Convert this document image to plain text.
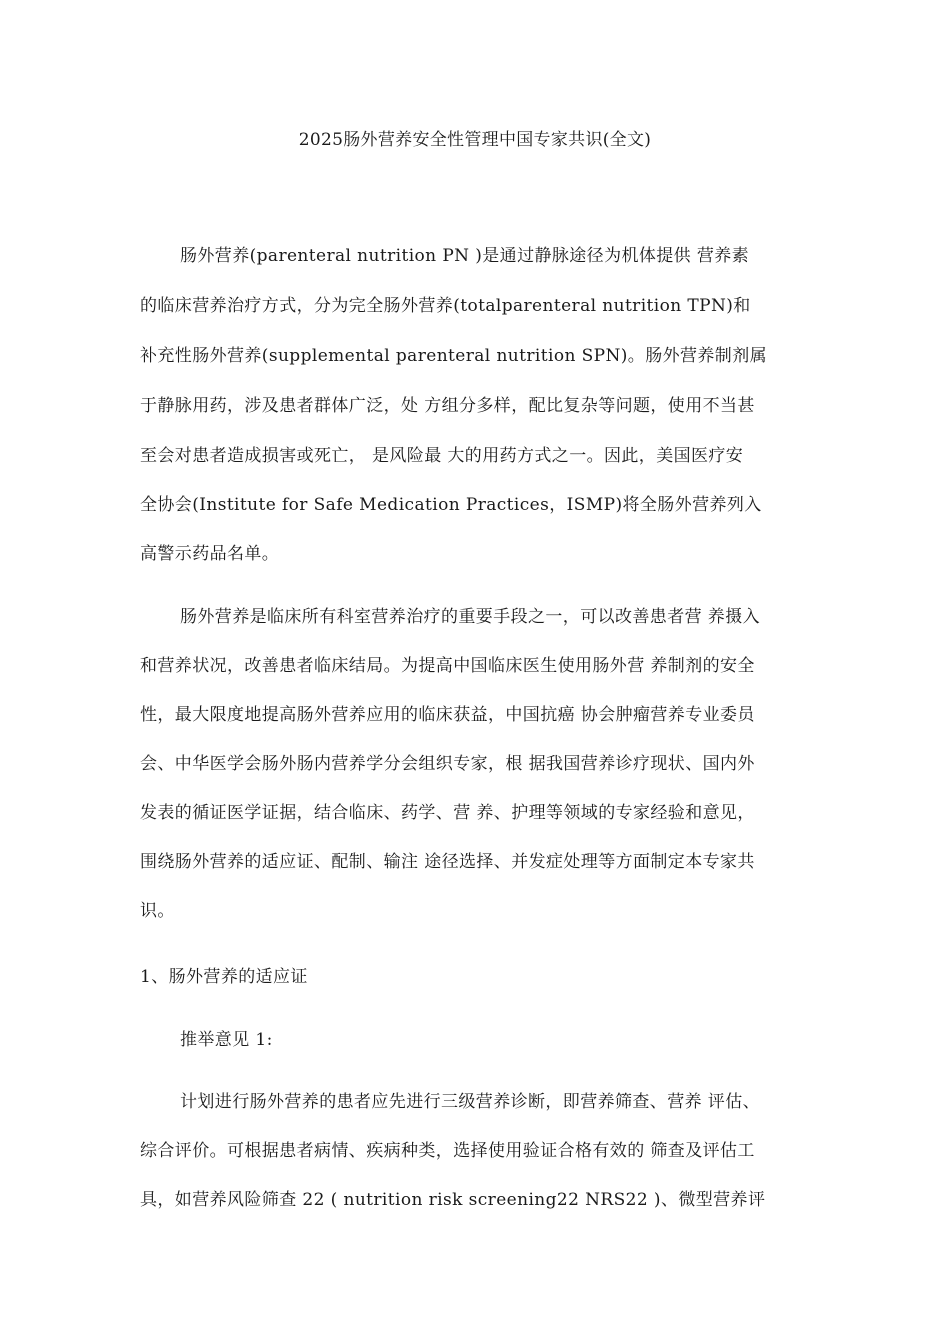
2025肠外营养安全性管理中国专家共识(全文)
肠外营养(parenteral nutrition PN )是通过静脉途径为机体提供 营养素
的临床营养治疗方式，分为完全肠外营养(totalparenteral nutrition TPN)和
补充性肠外营养(supplemental parenteral nutrition SPN)。肠外营养制剂属
于静脉用药，涉及患者群体广泛，处 方组分多样，配比复杂等问题，使用不当甚
至会对患者造成损害或死亡， 是风险最 大的用药方式之一。因此，美国医疗安
全协会(Institute for Safe Medication Practices，ISMP)将全肠外营养列入
高警示药品名单。
肠外营养是临床所有科室营养治疗的重要手段之一，可以改善患者营 养摄入
和营养状况，改善患者临床结局。为提高中国临床医生使用肠外营 养制剂的安全
性，最大限度地提高肠外营养应用的临床获益，中国抗癌 协会肿瘤营养专业委员
会、中华医学会肠外肠内营养学分会组织专家，根 据我国营养诊疗现状、国内外
发表的循证医学证据，结合临床、药学、营 养、护理等领域的专家经验和意见，
围绕肠外营养的适应证、配制、输注 途径选择、并发症处理等方面制定本专家共
识。
1、肠外营养的适应证
推举意见 1:
计划进行肠外营养的患者应先进行三级营养诊断，即营养筛查、营养 评估、
综合评价。可根据患者病情、疾病种类，选择使用验证合格有效的 筛查及评估工
具，如营养风险筛查 22 ( nutrition risk screening22 NRS22 )、微型营养评
